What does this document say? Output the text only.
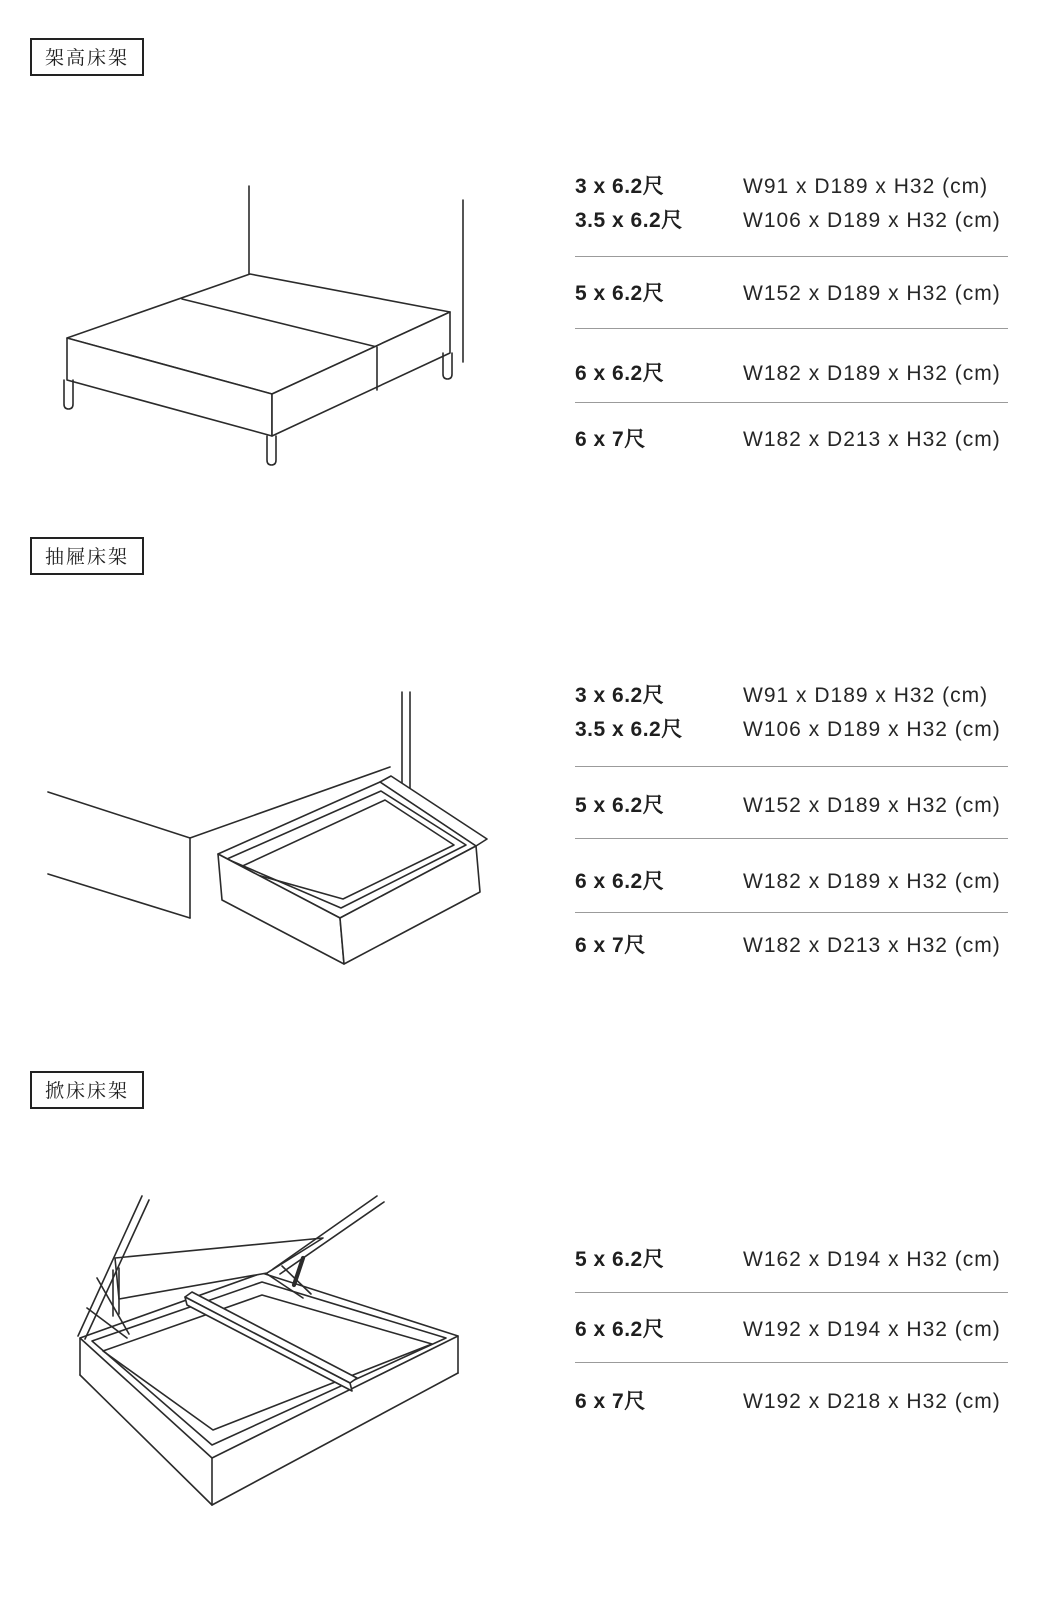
架高床架
3 x 6.2尺	W91 x D189 x H32 (cm)
3.5 x 6.2尺	W106 x D189 x H32 (cm)
5 x 6.2尺	W152 x D189 x H32 (cm)
6 x 6.2尺	W182 x D189 x H32 (cm)
6 x 7尺	W182 x D213 x H32 (cm)
抽屜床架
3 x 6.2尺	W91 x D189 x H32 (cm)
3.5 x 6.2尺	W106 x D189 x H32 (cm)
5 x 6.2尺	W152 x D189 x H32 (cm)
6 x 6.2尺	W182 x D189 x H32 (cm)
6 x 7尺	W182 x D213 x H32 (cm)
掀床床架
5 x 6.2尺	W162 x D194 x H32 (cm)
6 x 6.2尺	W192 x D194 x H32 (cm)
6 x 7尺	W192 x D218 x H32 (cm)
